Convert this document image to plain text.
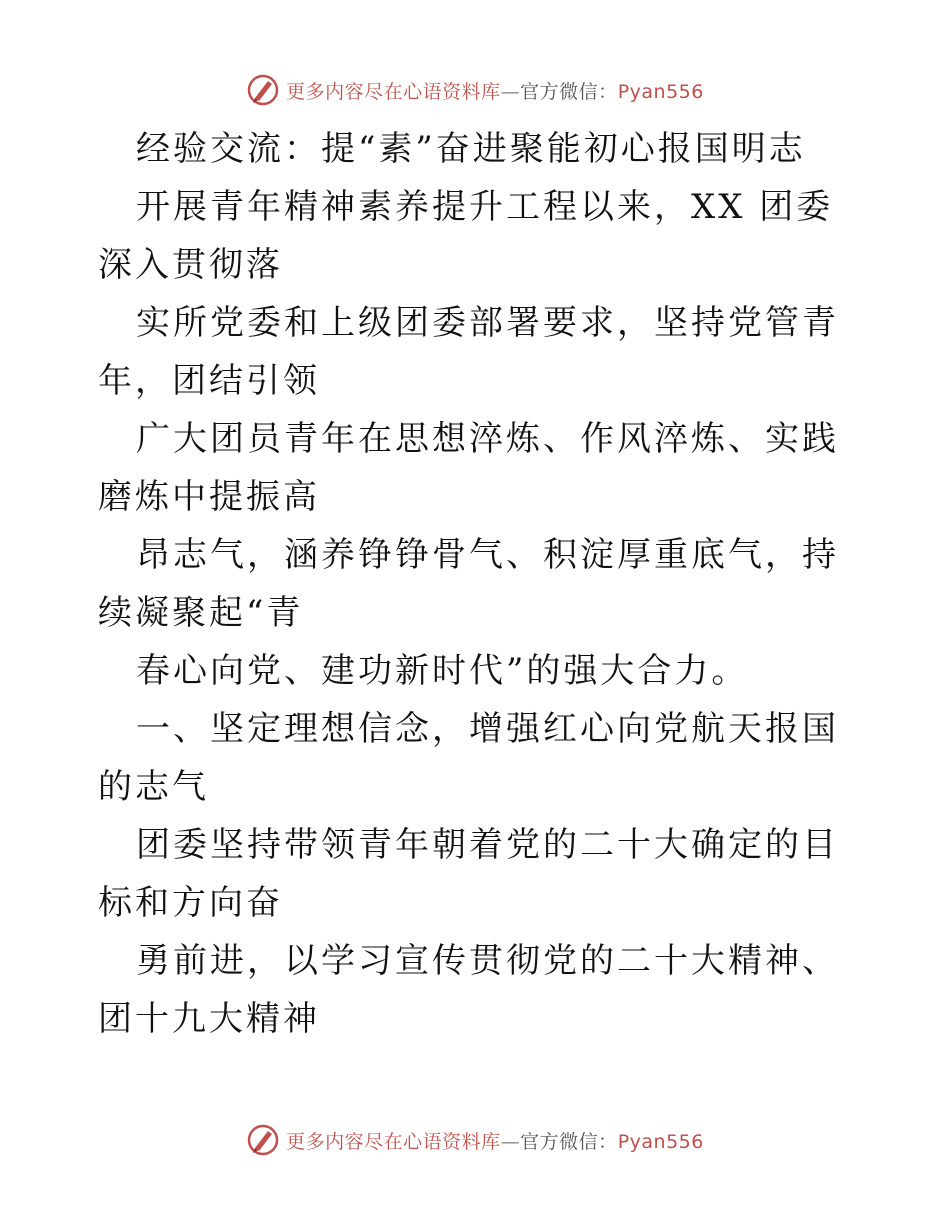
更多内容尽在心语资料库—官方微信：Pyan556

经验交流：提“素”奋进聚能初心报国明志

开展青年精神素养提升工程以来，XX 团委深入贯彻落

实所党委和上级团委部署要求，坚持党管青年，团结引领

广大团员青年在思想淬炼、作风淬炼、实践磨炼中提振高

昂志气，涵养铮铮骨气、积淀厚重底气，持续凝聚起“青

春心向党、建功新时代”的强大合力。

一、坚定理想信念，增强红心向党航天报国的志气

团委坚持带领青年朝着党的二十大确定的目标和方向奋

勇前进，以学习宣传贯彻党的二十大精神、团十九大精神

更多内容尽在心语资料库—官方微信：Pyan556
